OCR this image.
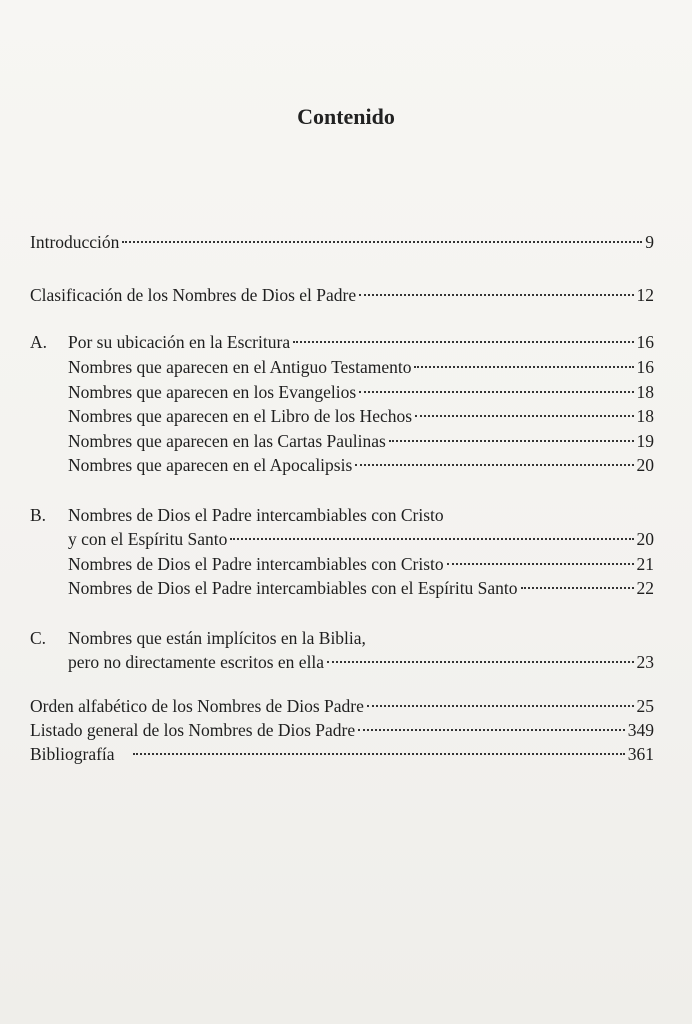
Contenido
Introducción	9
Clasificación de los Nombres de Dios el Padre	12
A. Por su ubicación en la Escritura	16
Nombres que aparecen en el Antiguo Testamento	16
Nombres que aparecen en los Evangelios	18
Nombres que aparecen en el Libro de los Hechos	18
Nombres que aparecen en las Cartas Paulinas	19
Nombres que aparecen en el Apocalipsis	20
B. Nombres de Dios el Padre intercambiables con Cristo
y con el Espíritu Santo	20
Nombres de Dios el Padre intercambiables con Cristo	21
Nombres de Dios el Padre intercambiables con el Espíritu Santo	22
C. Nombres que están implícitos en la Biblia,
pero no directamente escritos en ella	23
Orden alfabético de los Nombres de Dios Padre	25
Listado general de los Nombres de Dios Padre	349
Bibliografía	361
